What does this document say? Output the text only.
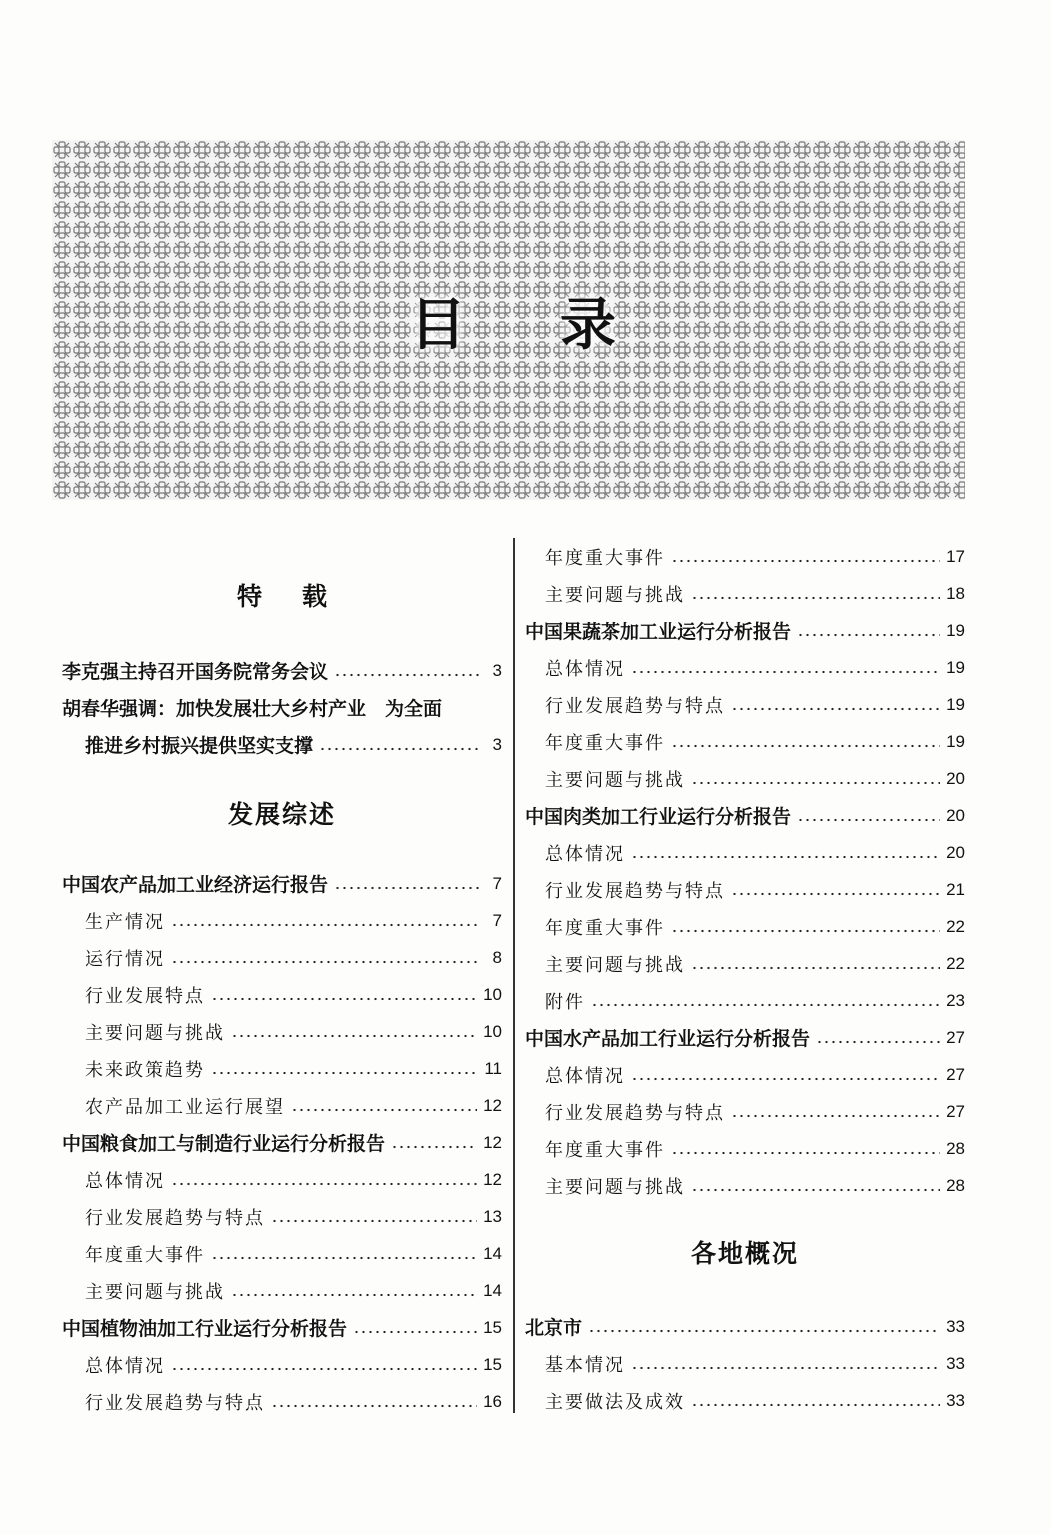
目 录
特载
李克强主持召开国务院常务会议	3
胡春华强调：加快发展壮大乡村产业　为全面
推进乡村振兴提供坚实支撑	3
发展综述
中国农产品加工业经济运行报告	7
生产情况	7
运行情况	8
行业发展特点	10
主要问题与挑战	10
未来政策趋势	11
农产品加工业运行展望	12
中国粮食加工与制造行业运行分析报告	12
总体情况	12
行业发展趋势与特点	13
年度重大事件	14
主要问题与挑战	14
中国植物油加工行业运行分析报告	15
总体情况	15
行业发展趋势与特点	16
年度重大事件	17
主要问题与挑战	18
中国果蔬茶加工业运行分析报告	19
总体情况	19
行业发展趋势与特点	19
年度重大事件	19
主要问题与挑战	20
中国肉类加工行业运行分析报告	20
总体情况	20
行业发展趋势与特点	21
年度重大事件	22
主要问题与挑战	22
附件	23
中国水产品加工行业运行分析报告	27
总体情况	27
行业发展趋势与特点	27
年度重大事件	28
主要问题与挑战	28
各地概况
北京市	33
基本情况	33
主要做法及成效	33
